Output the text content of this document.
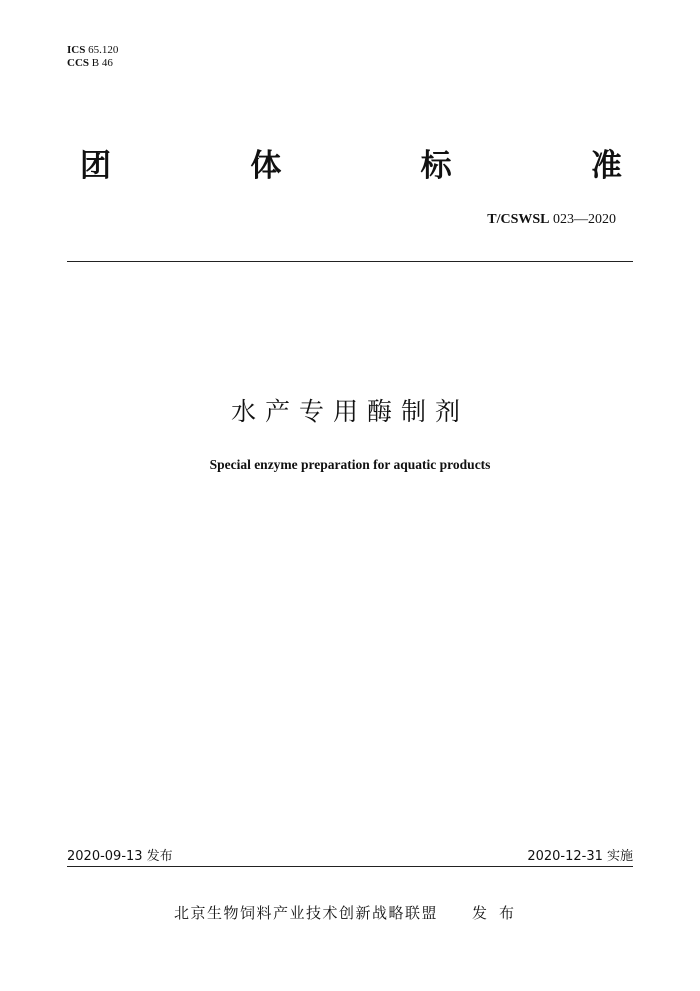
ICS 65.120
CCS B 46
团	体	标	准
T/CSWSL 023—2020
水产专用酶制剂
Special enzyme preparation for aquatic products
2020-09-13 发布	2020-12-31 实施
北京生物饲料产业技术创新战略联盟 发布
